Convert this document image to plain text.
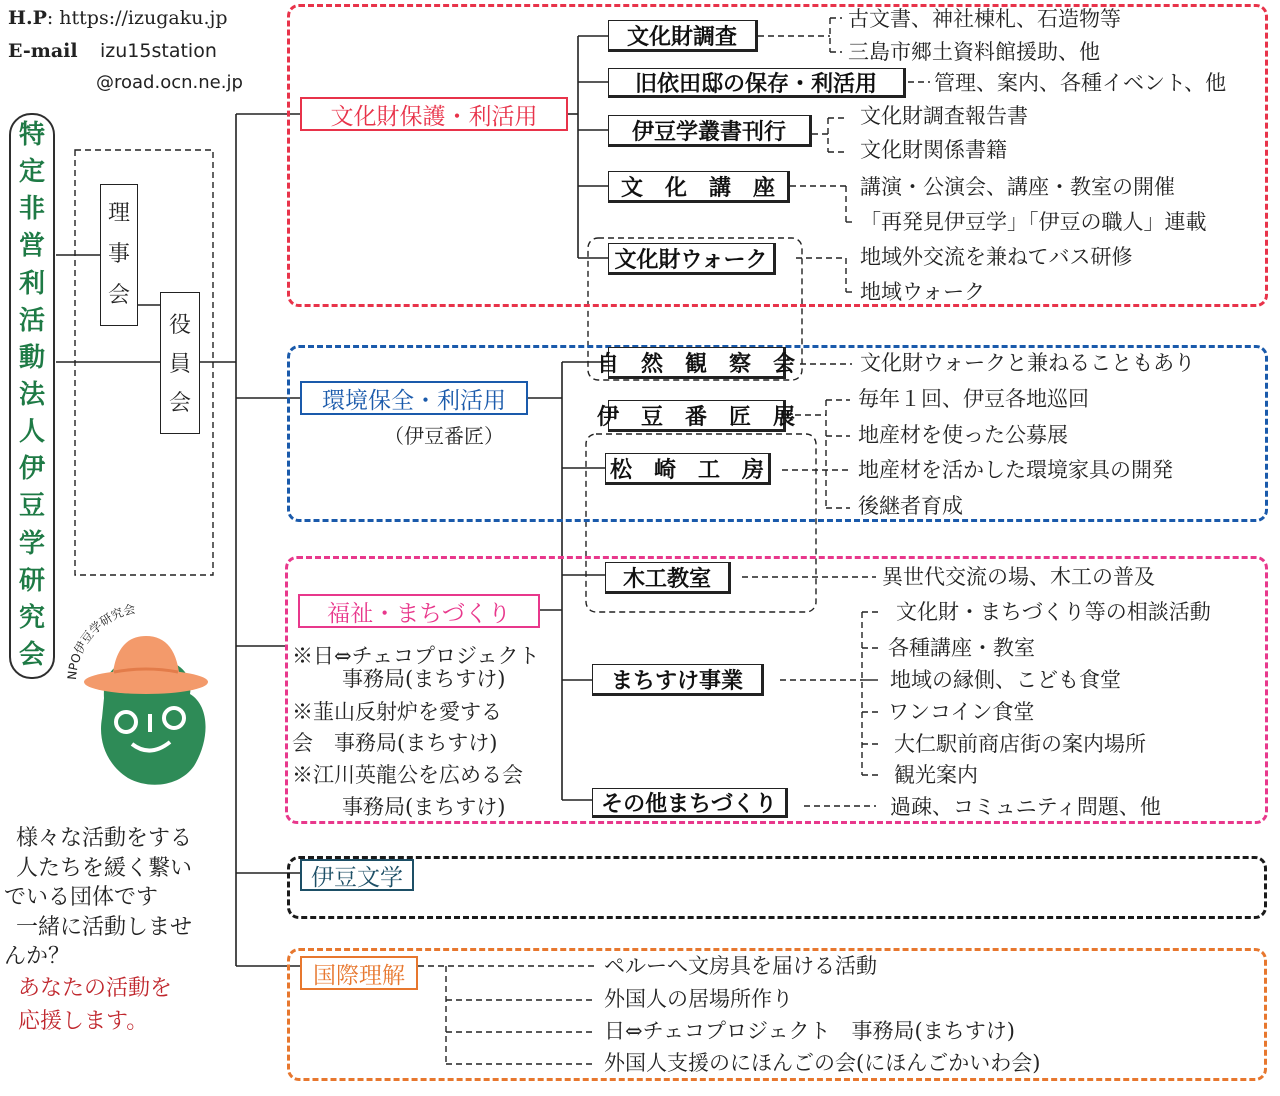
H.P: https://izugaku.jp
E-mail izu15station
@road.ocn.ne.jp
特
定
非
営
利
活
動
法
人
伊
豆
学
研
究
会
理
事
会
役
員
会
NPO伊豆学研究会
様々な活動をする
人たちを緩く繋い
でいる団体です
一緒に活動しませ
んか？
あなたの活動を
応援します。
文化財保護・利活用
環境保全・利活用
（伊豆番匠）
福祉・まちづくり
伊豆文学
国際理解
文化財調査
旧依田邸の保存・利活用
伊豆学叢書刊行
文　化　講　座
文化財ウォーク
自　然　観　察　会
伊　豆　番　匠　展
松　崎　工　房
木工教室
まちすけ事業
その他まちづくり
古文書、神社棟札、石造物等
三島市郷土資料館援助、他
管理、案内、各種イベント、他
文化財調査報告書
文化財関係書籍
講演・公演会、講座・教室の開催
「再発見伊豆学」「伊豆の職人」連載
地域外交流を兼ねてバス研修
地域ウォーク
文化財ウォークと兼ねることもあり
毎年１回、伊豆各地巡回
地産材を使った公募展
地産材を活かした環境家具の開発
後継者育成
異世代交流の場、木工の普及
文化財・まちづくり等の相談活動
各種講座・教室
地域の縁側、こども食堂
ワンコイン食堂
大仁駅前商店街の案内場所
観光案内
過疎、コミュニティ問題、他
※日⇔チェコプロジェクト
事務局(まちすけ)
※韮山反射炉を愛する
会　事務局(まちすけ)
※江川英龍公を広める会
事務局(まちすけ)
ペルーへ文房具を届ける活動
外国人の居場所作り
日⇔チェコプロジェクト　事務局(まちすけ)
外国人支援のにほんごの会(にほんごかいわ会)
